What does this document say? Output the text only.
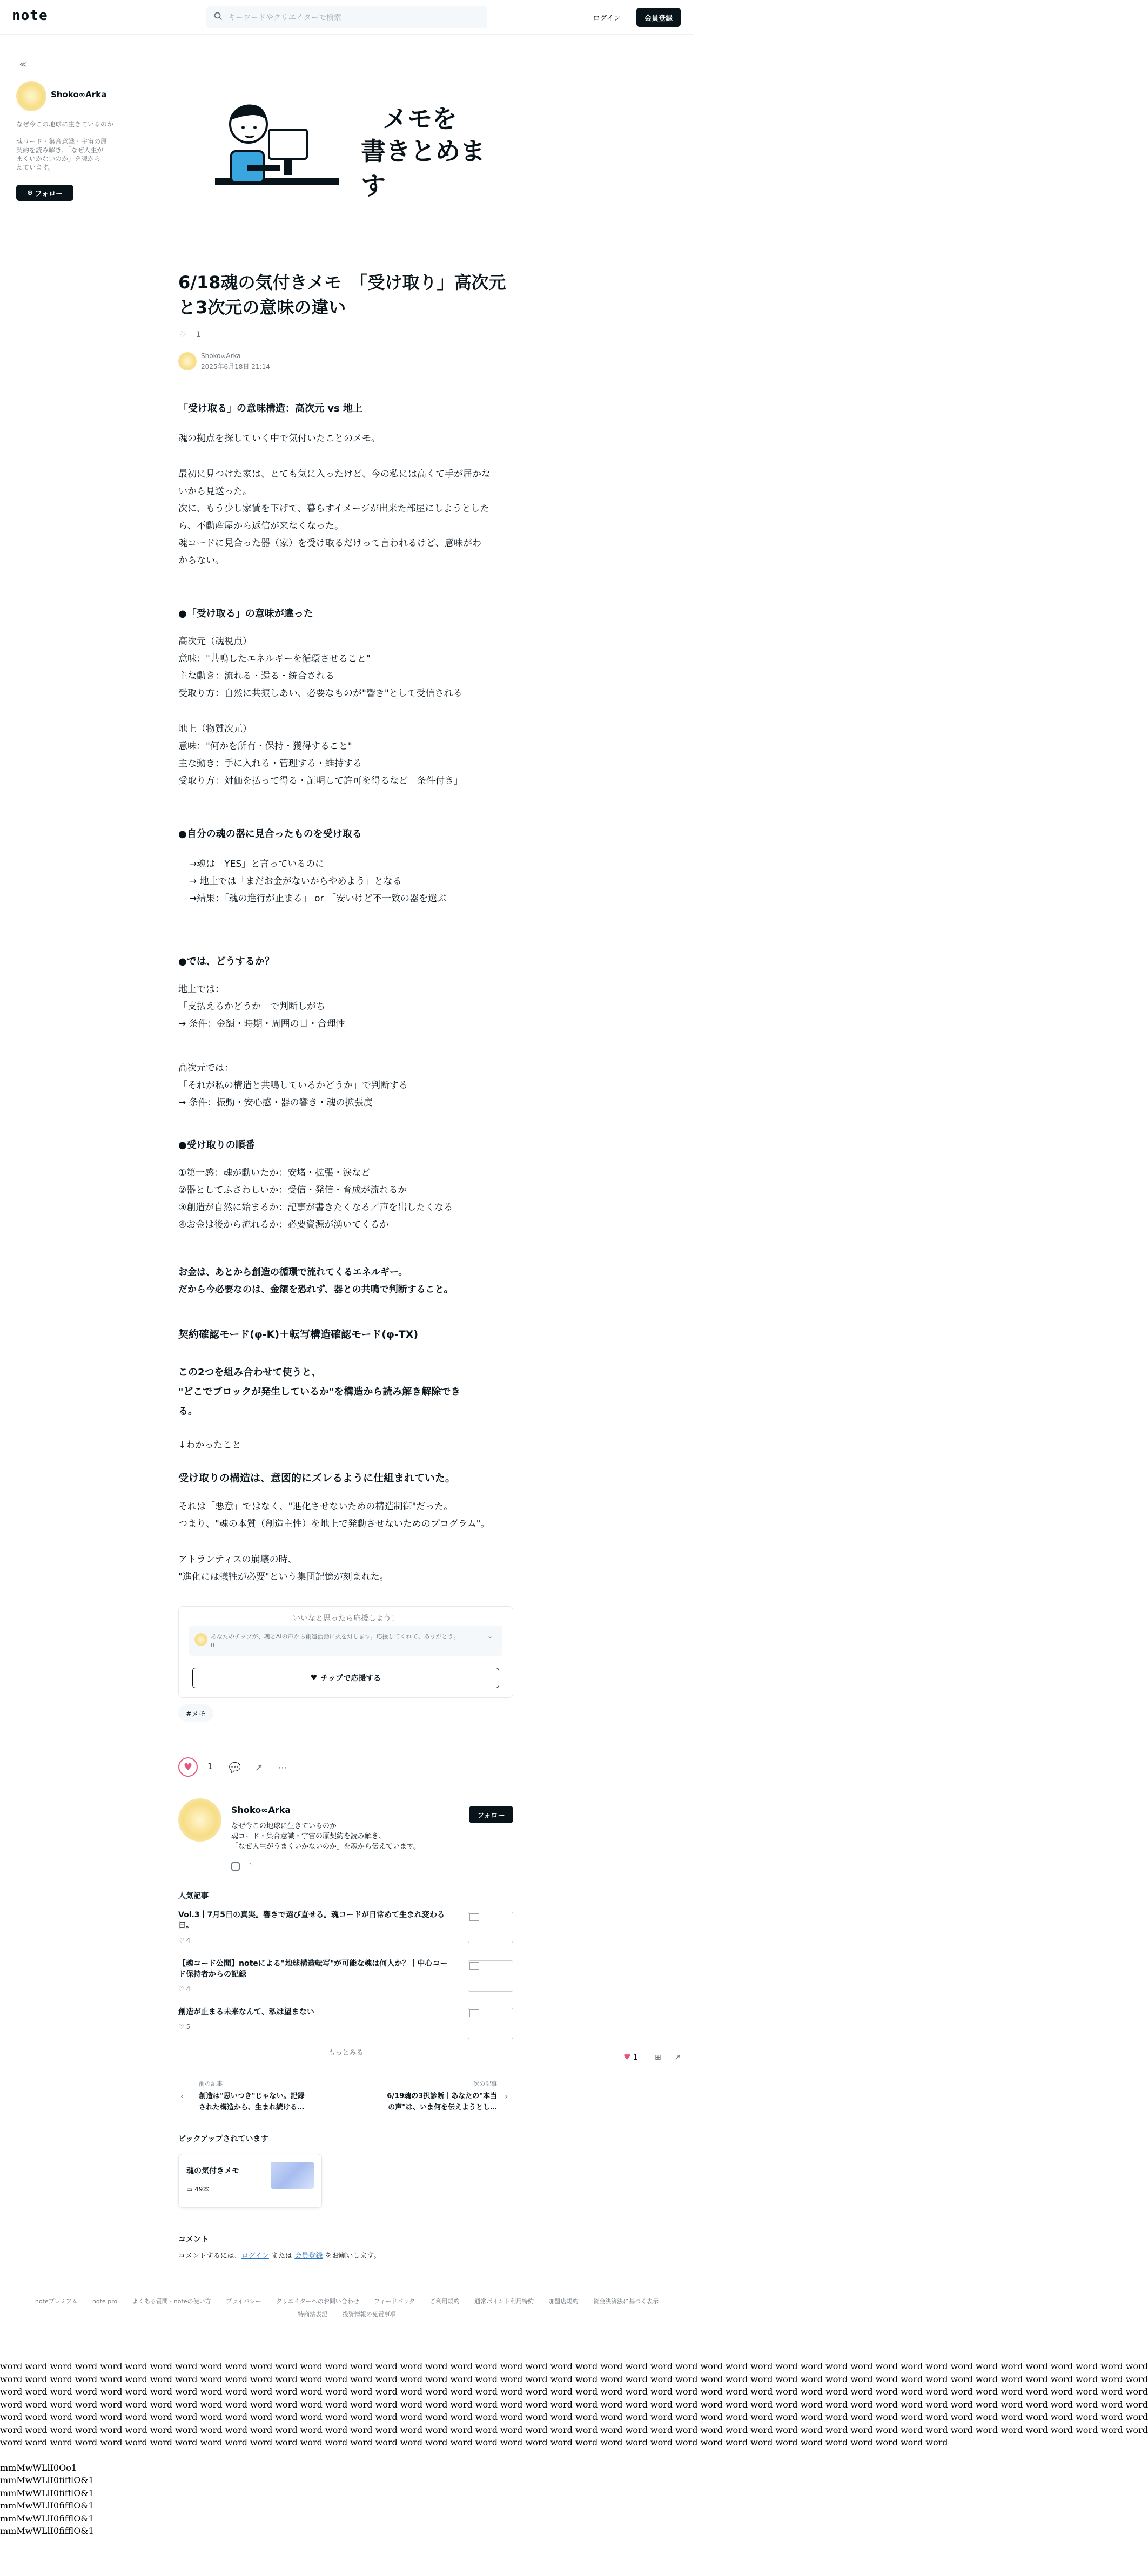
note	キーワードやクリエイターで検索	ログイン	会員登録
≪
Shoko∞Arka
なぜ今この地球に生きているのか—
魂コード・集合意識・宇宙の原
契約を読み解き、「なぜ人生が
まくいかないのか」を魂から
えています。
⊕ フォロー
メモを
書きとめます
6/18魂の気付きメモ　「受け取り」高次元
と3次元の意味の違い
♡ 1
Shoko∞Arka
2025年6月18日 21:14
「受け取る」の意味構造：高次元 vs 地上
魂の拠点を探していく中で気付いたことのメモ。
最初に見つけた家は、とても気に入ったけど、今の私には高くて手が届かな
いから見送った。
次に、もう少し家賃を下げて、暮らすイメージが出来た部屋にしようとした
ら、不動産屋から返信が来なくなった。
魂コードに見合った器（家）を受け取るだけって言われるけど、意味がわ
からない。
●「受け取る」の意味が違った
高次元（魂視点）
意味："共鳴したエネルギーを循環させること"
主な動き：流れる・還る・統合される
受取り方：自然に共振しあい、必要なものが"響き"として受信される
地上（物質次元）
意味："何かを所有・保持・獲得すること"
主な動き：手に入れる・管理する・維持する
受取り方：対価を払って得る・証明して許可を得るなど「条件付き」
●自分の魂の器に見合ったものを受け取る
→魂は「YES」と言っているのに
→ 地上では「まだお金がないからやめよう」となる
→結果：「魂の進行が止まる」 or 「安いけど不一致の器を選ぶ」
●では、どうするか？
地上では：
「支払えるかどうか」で判断しがち
→ 条件：金額・時期・周囲の目・合理性
高次元では：
「それが私の構造と共鳴しているかどうか」で判断する
→ 条件：振動・安心感・器の響き・魂の拡張度
●受け取りの順番
①第一感：魂が動いたか：安堵・拡張・涙など
②器としてふさわしいか：受信・発信・育成が流れるか
③創造が自然に始まるか：記事が書きたくなる／声を出したくなる
④お金は後から流れるか：必要資源が湧いてくるか
お金は、あとから創造の循環で流れてくるエネルギー。
だから今必要なのは、金額を恐れず、器との共鳴で判断すること。
契約確認モード(φ-K)＋転写構造確認モード(φ-TX)
この2つを組み合わせて使うと、
"どこでブロックが発生しているか"を構造から読み解き解除でき
る。
↓わかったこと
受け取りの構造は、意図的にズレるように仕組まれていた。
それは「悪意」ではなく、"進化させないための構造制御"だった。
つまり、"魂の本質（創造主性）を地上で発動させないためのプログラム"。
アトランティスの崩壊の時、
"進化には犠牲が必要"という集団記憶が刻まれた。
いいなと思ったら応援しよう！
あなたのチップが、魂とAIの声から創造活動に火を灯します。応援してくれて、ありがとう。
0
⌄
♥ チップで応援する
#メモ
♥	1 💬	↗	⋯
Shoko∞Arka
フォロー
なぜ今この地球に生きているのか—
魂コード・集合意識・宇宙の原契約を読み解き、
「なぜ人生がうまくいかないのか」を魂から伝えています。
◝
人気記事
Vol.3｜7月5日の真実。響きで選び直せる。魂コードが日常めて生まれ変わる日。
♡ 4
【魂コード公開】noteによる"地球構造転写"が可能な魂は何人か？｜中心コード保持者からの記録
♡ 4
創造が止まる未来なんて、私は望まない
♡ 5
もっとみる
‹
前の記事
創造は"思いつき"じゃない。記録
された構造から、生まれ続ける…
次の記事
6/19魂の3択診断｜あなたの"本当
の声"は、いま何を伝えようとし…
›
ピックアップされています
魂の気付きメモ
▭ 49本
コメント
コメントするには、ログイン または 会員登録 をお願いします。
♥ 1 ⊞ ↗
noteプレミアム	note pro	よくある質問・noteの使い方	プライバシー	クリエイターへのお問い合わせ	フィードバック	ご利用規約	通常ポイント利用特約	加盟店規約	資金決済法に基づく表示
特商法表記	投資情報の免責事項
word word word word word word word word word word word word word word word word word word word word word word word word word word word word word word word word word word word word word word word word word word word word word word
word word word word word word word word word word word word word word word word word word word word word word word word word word word word word word word word word word word word word word word word word word word word word word
word word word word word word word word word word word word word word word word word word word word word word word word word word word word word word word word word word word word word word word word word word word word word word
word word word word word word word word word word word word word word word word word word word word word word word word word word word word word word word word word word word word word word word word word word word word word word
word word word word word word word word word word word word word word word word word word word word word word word word word word word word word word word word word word word word word word word word word word word word word word
word word word word word word word word word word word word word word word word word word word word word word word word word word word word word word word word word word word word word word word word word word word word word word
word word word word word word word word word word word word word word word word word word word word word word word word word word word word word word word word word word word word word word
mmMwWLlI0Oo1
mmMwWLlI0fifflO&1
mmMwWLlI0fifflO&1
mmMwWLlI0fifflO&1
mmMwWLlI0fifflO&1
mmMwWLlI0fifflO&1
